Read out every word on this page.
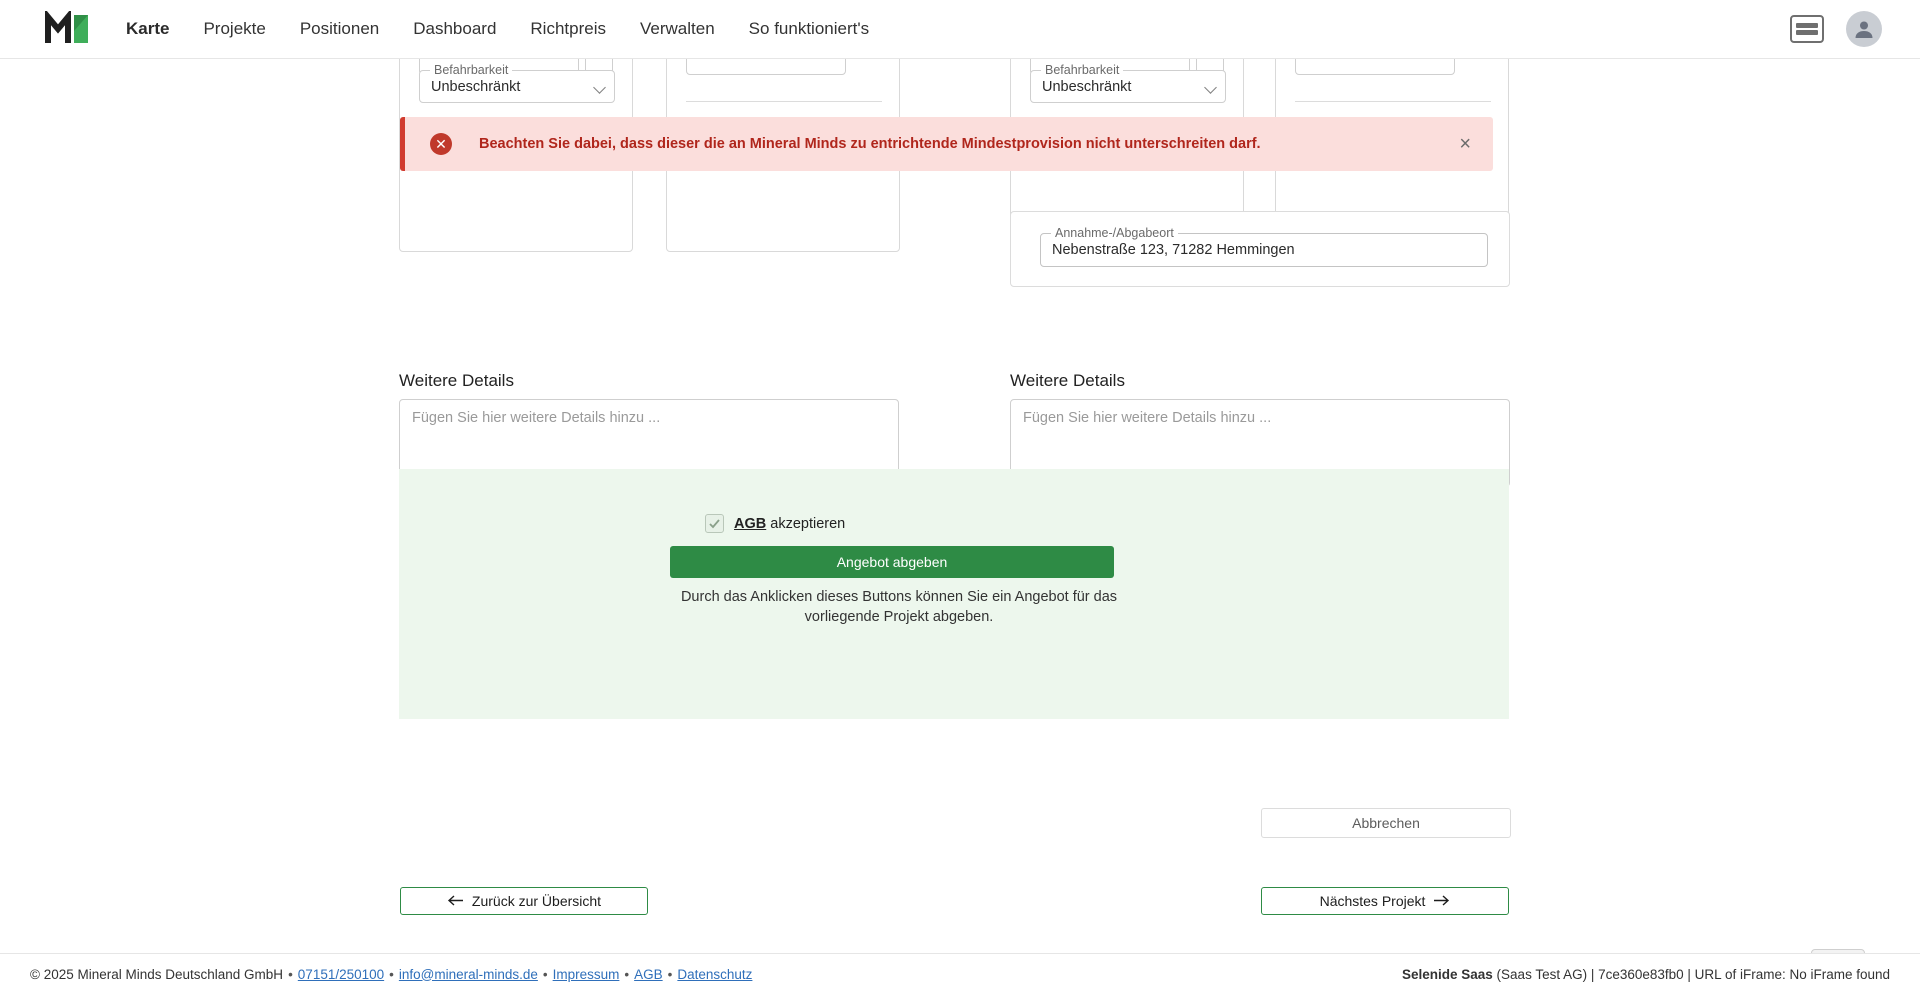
Karte Projekte Positionen Dashboard Richtpreis Verwalten So funktioniert's
Befahrbarkeit
Unbeschränkt
Befahrbarkeit
Unbeschränkt
✕	Beachten Sie dabei, dass dieser die an Mineral Minds zu entrichtende Mindestprovision nicht unterschreiten darf.	×
Annahme-/Abgabeort
Nebenstraße 123, 71282 Hemmingen
Weitere Details
Fügen Sie hier weitere Details hinzu ...
Weitere Details
Fügen Sie hier weitere Details hinzu ...
AGB akzeptieren
Angebot abgeben
Durch das Anklicken dieses Buttons können Sie ein Angebot für das
vorliegende Projekt abgeben.
Abbrechen
Zurück zur Übersicht	Nächstes Projekt
© 2025 Mineral Minds Deutschland GmbH • 07151/250100 • info@mineral-minds.de • Impressum • AGB • Datenschutz	Selenide Saas (Saas Test AG) | 7ce360e83fb0 | URL of iFrame: No iFrame found
